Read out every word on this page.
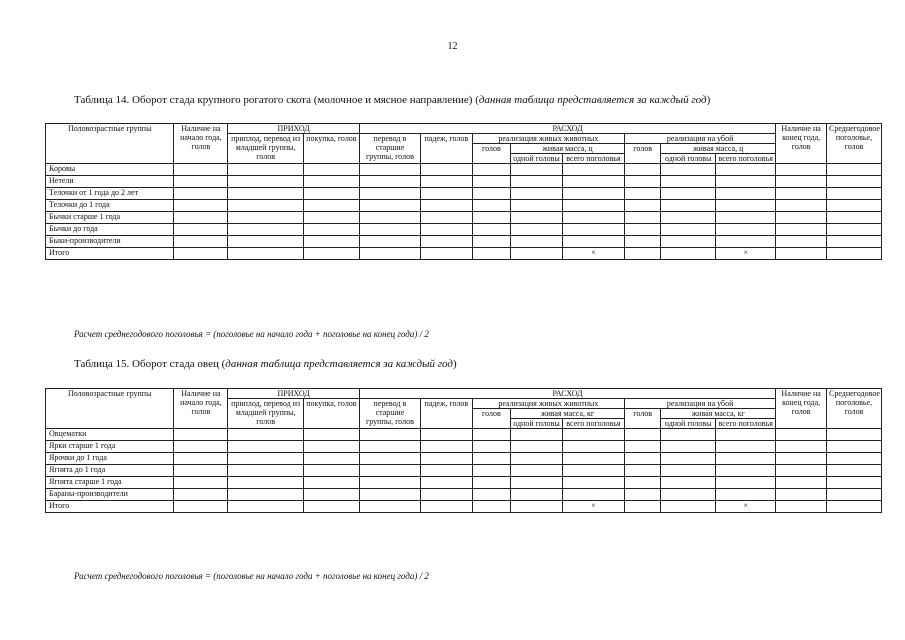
12
Таблица 14. Оборот стада крупного рогатого скота (молочное и мясное направление) (данная таблица представляется за каждый год)
Половозрастные группы	Наличие на начало года, голов	ПРИХОД		РАСХОД								Наличие на конец года, голов	Среднегодовое поголовье, голов
		приплод, перевод из младшей группы, голов	покупка, голов	перевод в старшие группы, голов	падеж, голов	реализация живых животных			реализация на убой				
						голов	живая масса, ц		голов	живая масса, ц			
							одной головы	всего поголовья		одной головы	всего поголовья		
Коровы													
Нетели													
Телочки от 1 года до 2 лет													
Телочки до 1 года													
Бычки старше 1 года													
Бычки до года													
Быки-производители													
Итого								×			×		
Расчет среднегодового поголовья = (поголовье на начало года + поголовье на конец года) / 2
Таблица 15. Оборот стада овец (данная таблица представляется за каждый год)
Половозрастные группы	Наличие на начало года, голов	ПРИХОД		РАСХОД								Наличие на конец года, голов	Среднегодовое поголовье, голов
		приплод, перевод из младшей группы, голов	покупка, голов	перевод в старшие группы, голов	падеж, голов	реализация живых животных			реализация на убой				
						голов	живая масса, кг		голов	живая масса, кг			
							одной головы	всего поголовья		одной головы	всего поголовья		
Овцематки													
Ярки старше 1 года													
Ярочки до 1 года													
Ягнята до 1 года													
Ягнята старше 1 года													
Бараны-производители													
Итого								×			×		
Расчет среднегодового поголовья = (поголовье на начало года + поголовье на конец года) / 2
